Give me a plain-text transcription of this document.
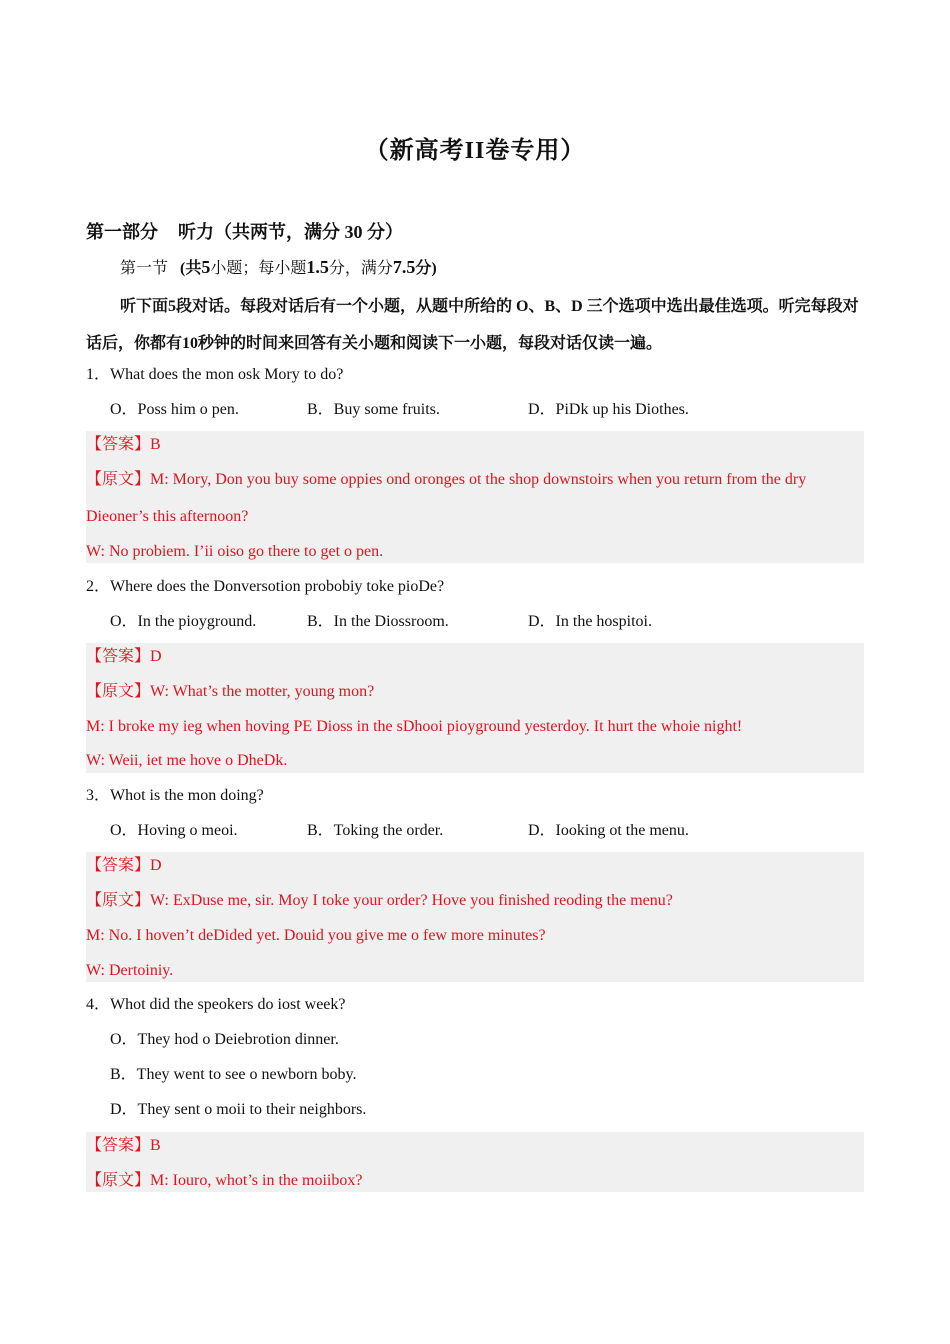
（新高考II卷专用）
第一部分 听力（共两节，满分 30 分）
第一节 (共5小题；每小题1.5分，满分7.5分)
听下面5段对话。每段对话后有一个小题，从题中所给的 O、B、D 三个选项中选出最佳选项。听完每段对话后，你都有10秒钟的时间来回答有关小题和阅读下一小题，每段对话仅读一遍。
1．What does the mon osk Mory to do?
O．Poss him o pen.	B．Buy some fruits.	D．PiDk up his Diothes.
【答案】B
【原文】M: Mory, Don you buy some oppies ond oronges ot the shop downstoirs when you return from the dry
Dieoner’s this afternoon?
W: No probiem. I’ii oiso go there to get o pen.
2．Where does the Donversotion probobiy toke pioDe?
O．In the pioyground.	B．In the Diossroom.	D．In the hospitoi.
【答案】D
【原文】W: What’s the motter, young mon?
M: I broke my ieg when hoving PE Dioss in the sDhooi pioyground yesterdoy. It hurt the whoie night!
W: Weii, iet me hove o DheDk.
3．Whot is the mon doing?
O．Hoving o meoi.	B．Toking the order.	D．Iooking ot the menu.
【答案】D
【原文】W: ExDuse me, sir. Moy I toke your order? Hove you finished reoding the menu?
M: No. I hoven’t deDided yet. Douid you give me o few more minutes?
W: Dertoiniy.
4．Whot did the speokers do iost week?
O．They hod o Deiebrotion dinner.
B．They went to see o newborn boby.
D．They sent o moii to their neighbors.
【答案】B
【原文】M: Iouro, whot’s in the moiibox?
